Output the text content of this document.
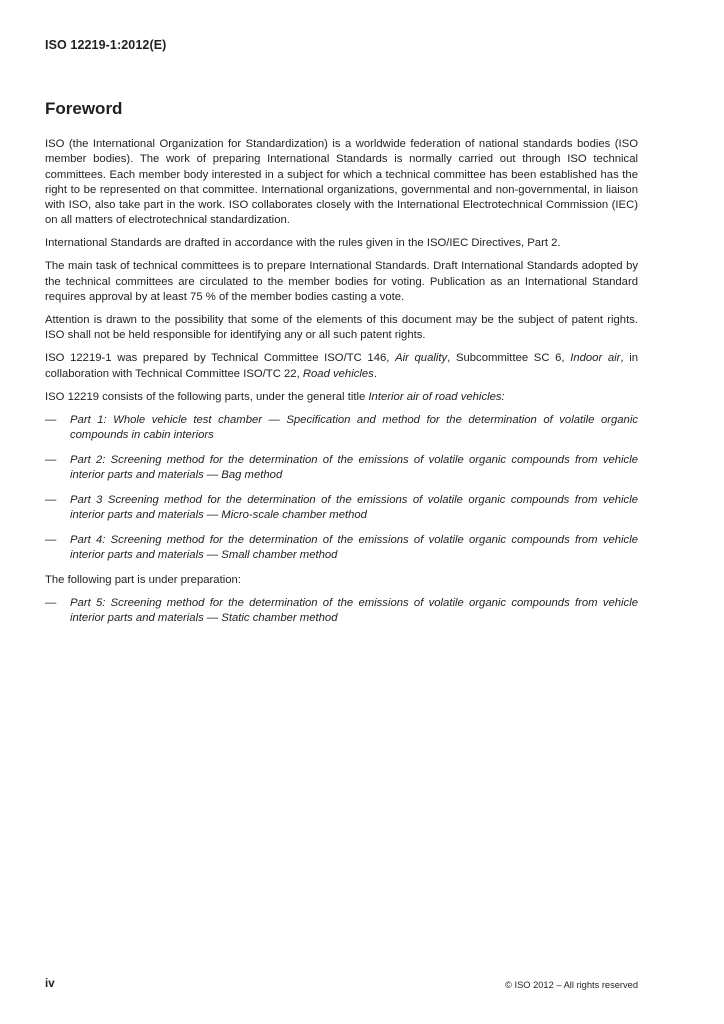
ISO 12219-1:2012(E)
Foreword

ISO (the International Organization for Standardization) is a worldwide federation of national standards bodies (ISO member bodies). The work of preparing International Standards is normally carried out through ISO technical committees. Each member body interested in a subject for which a technical committee has been established has the right to be represented on that committee. International organizations, governmental and non-governmental, in liaison with ISO, also take part in the work. ISO collaborates closely with the International Electrotechnical Commission (IEC) on all matters of electrotechnical standardization.

International Standards are drafted in accordance with the rules given in the ISO/IEC Directives, Part 2.

The main task of technical committees is to prepare International Standards. Draft International Standards adopted by the technical committees are circulated to the member bodies for voting. Publication as an International Standard requires approval by at least 75 % of the member bodies casting a vote.

Attention is drawn to the possibility that some of the elements of this document may be the subject of patent rights. ISO shall not be held responsible for identifying any or all such patent rights.

ISO 12219-1 was prepared by Technical Committee ISO/TC 146, Air quality, Subcommittee SC 6, Indoor air, in collaboration with Technical Committee ISO/TC 22, Road vehicles.

ISO 12219 consists of the following parts, under the general title Interior air of road vehicles:

—	Part 1: Whole vehicle test chamber — Specification and method for the determination of volatile organic compounds in cabin interiors
—	Part 2: Screening method for the determination of the emissions of volatile organic compounds from vehicle interior parts and materials — Bag method
—	Part 3 Screening method for the determination of the emissions of volatile organic compounds from vehicle interior parts and materials — Micro-scale chamber method
—	Part 4: Screening method for the determination of the emissions of volatile organic compounds from vehicle interior parts and materials — Small chamber method

The following part is under preparation:

—	Part 5: Screening method for the determination of the emissions of volatile organic compounds from vehicle interior parts and materials — Static chamber method
iv	© ISO 2012 – All rights reserved
